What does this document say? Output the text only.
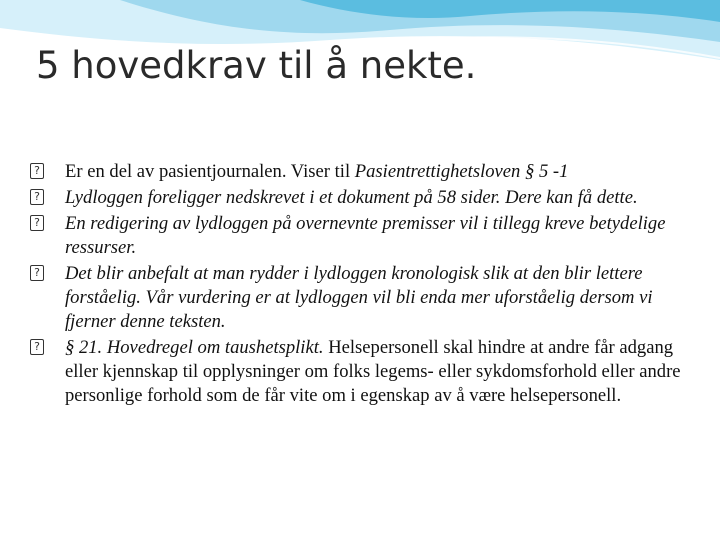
5 hovedkrav til å nekte.
? Er en del av pasientjournalen. Viser til Pasientrettighetsloven § 5 -1
? Lydloggen foreligger nedskrevet i et dokument på 58 sider. Dere kan få dette.
? En redigering av lydloggen på overnevnte premisser vil i tillegg kreve betydelige ressurser.
? Det blir anbefalt at man rydder i lydloggen kronologisk slik at den blir lettere forståelig. Vår vurdering er at lydloggen vil bli enda mer uforståelig dersom vi fjerner denne teksten.
? § 21. Hovedregel om taushetsplikt. Helsepersonell skal hindre at andre får adgang eller kjennskap til opplysninger om folks legems- eller sykdomsforhold eller andre personlige forhold som de får vite om i egenskap av å være helsepersonell.
